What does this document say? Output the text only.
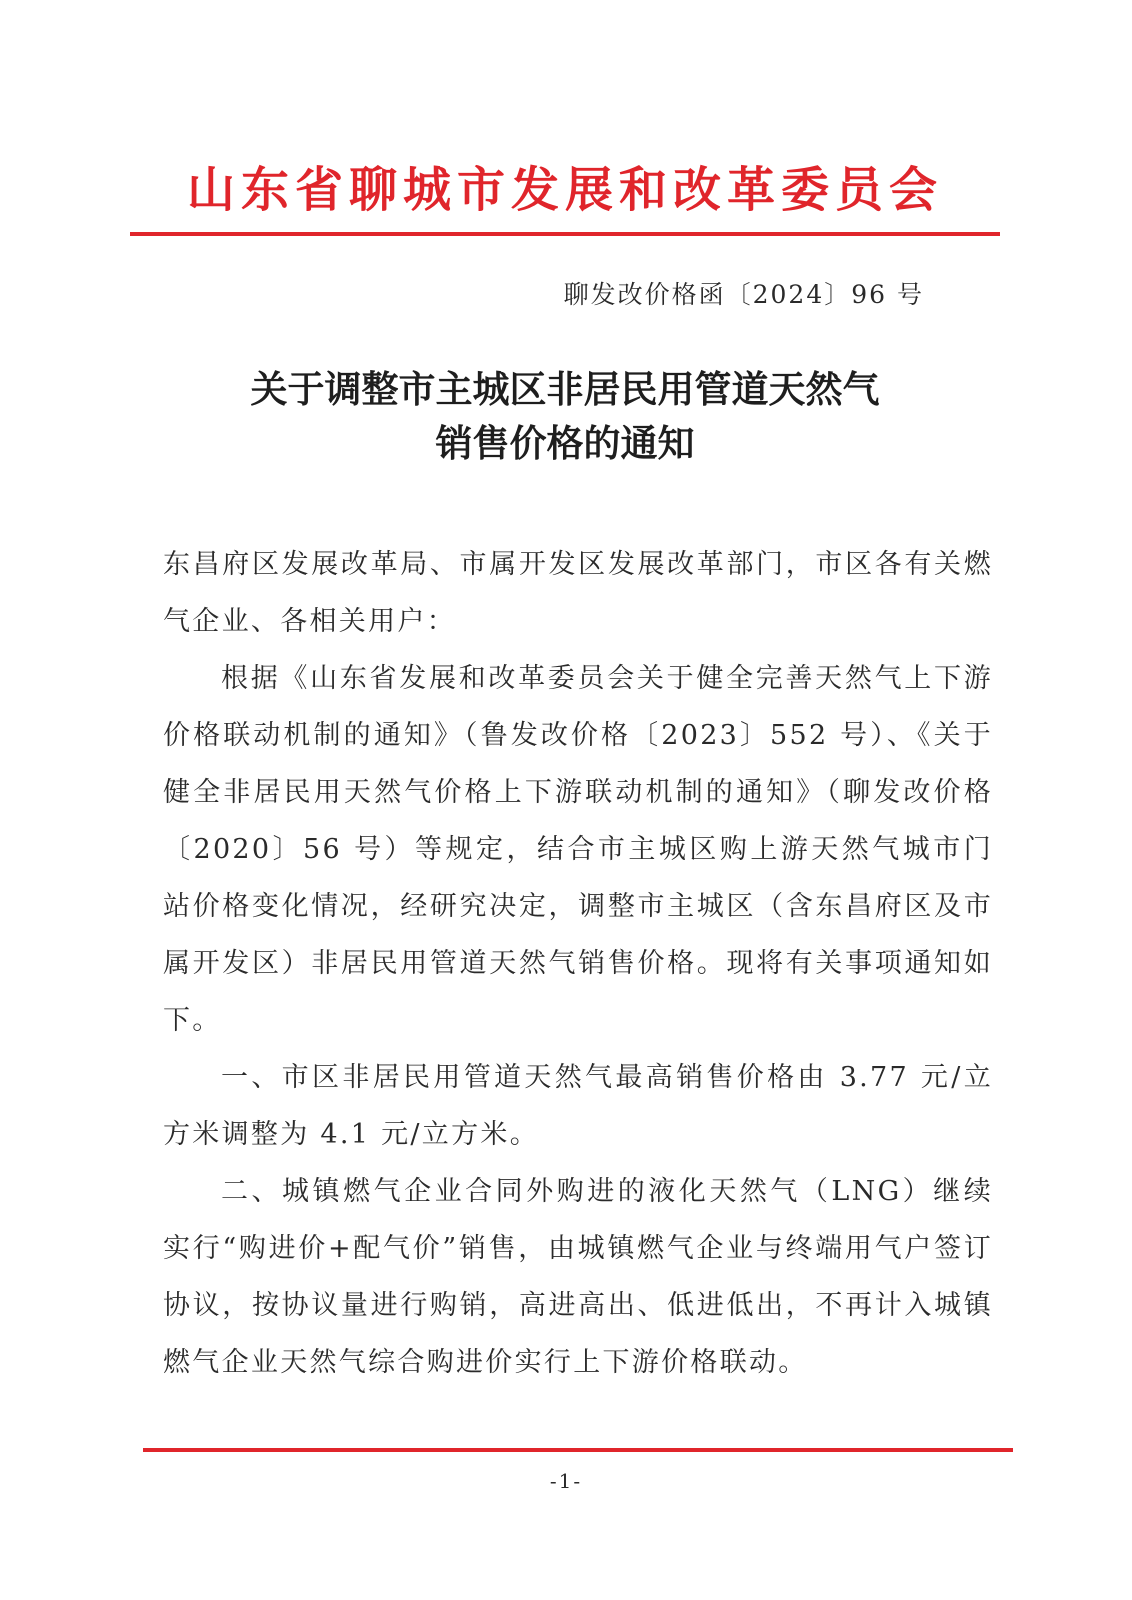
山东省聊城市发展和改革委员会
聊发改价格函〔2024〕96 号
关于调整市主城区非居民用管道天然气
销售价格的通知

东昌府区发展改革局、市属开发区发展改革部门，市区各有关燃气企业、各相关用户：

根据《山东省发展和改革委员会关于健全完善天然气上下游价格联动机制的通知》（鲁发改价格〔2023〕552 号）、《关于健全非居民用天然气价格上下游联动机制的通知》（聊发改价格〔2020〕56 号）等规定，结合市主城区购上游天然气城市门站价格变化情况，经研究决定，调整市主城区（含东昌府区及市属开发区）非居民用管道天然气销售价格。现将有关事项通知如下。

一、市区非居民用管道天然气最高销售价格由 3.77 元/立方米调整为 4.1 元/立方米。

二、城镇燃气企业合同外购进的液化天然气（LNG）继续实行“购进价+配气价”销售，由城镇燃气企业与终端用气户签订协议，按协议量进行购销，高进高出、低进低出，不再计入城镇燃气企业天然气综合购进价实行上下游价格联动。

-1-
